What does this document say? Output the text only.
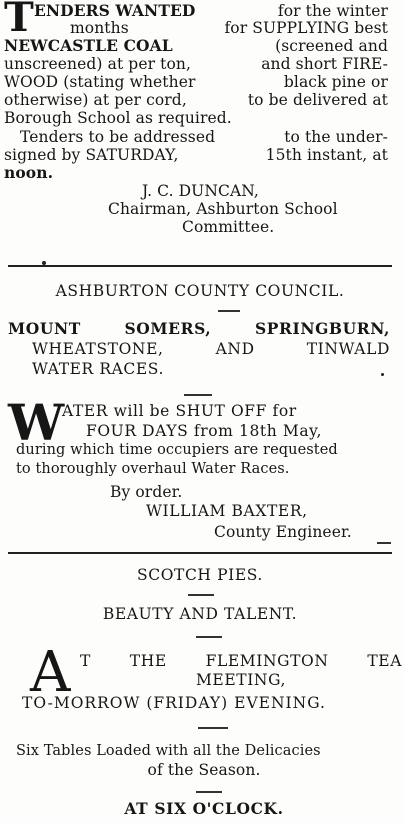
T ENDERS WANTED	for the winter
months	for SUPPLYING best
NEWCASTLE COAL	(screened and
unscreened) at per ton,	and short FIRE-
WOOD (stating whether	black pine or
otherwise) at per cord,	to be delivered at
Borough School as required.
Tenders to be addressed	to the under-
signed by SATURDAY,	15th instant, at
noon.
J. C. DUNCAN,
Chairman, Ashburton School
Committee.
ASHBURTON COUNTY COUNCIL.
MOUNT	SOMERS,	SPRINGBURN,
WHEATSTONE,	AND	TINWALD
WATER RACES.
W
ATER will be SHUT OFF for
FOUR DAYS from 18th May,
during which time occupiers are requested
to thoroughly overhaul Water Races.
By order.
WILLIAM BAXTER,
County Engineer.
SCOTCH PIES.
BEAUTY AND TALENT.
A T	THE	FLEMINGTON	TEA
MEETING,
TO-MORROW (FRIDAY) EVENING.
Six Tables Loaded with all the Delicacies
of the Season.
AT SIX O'CLOCK.
